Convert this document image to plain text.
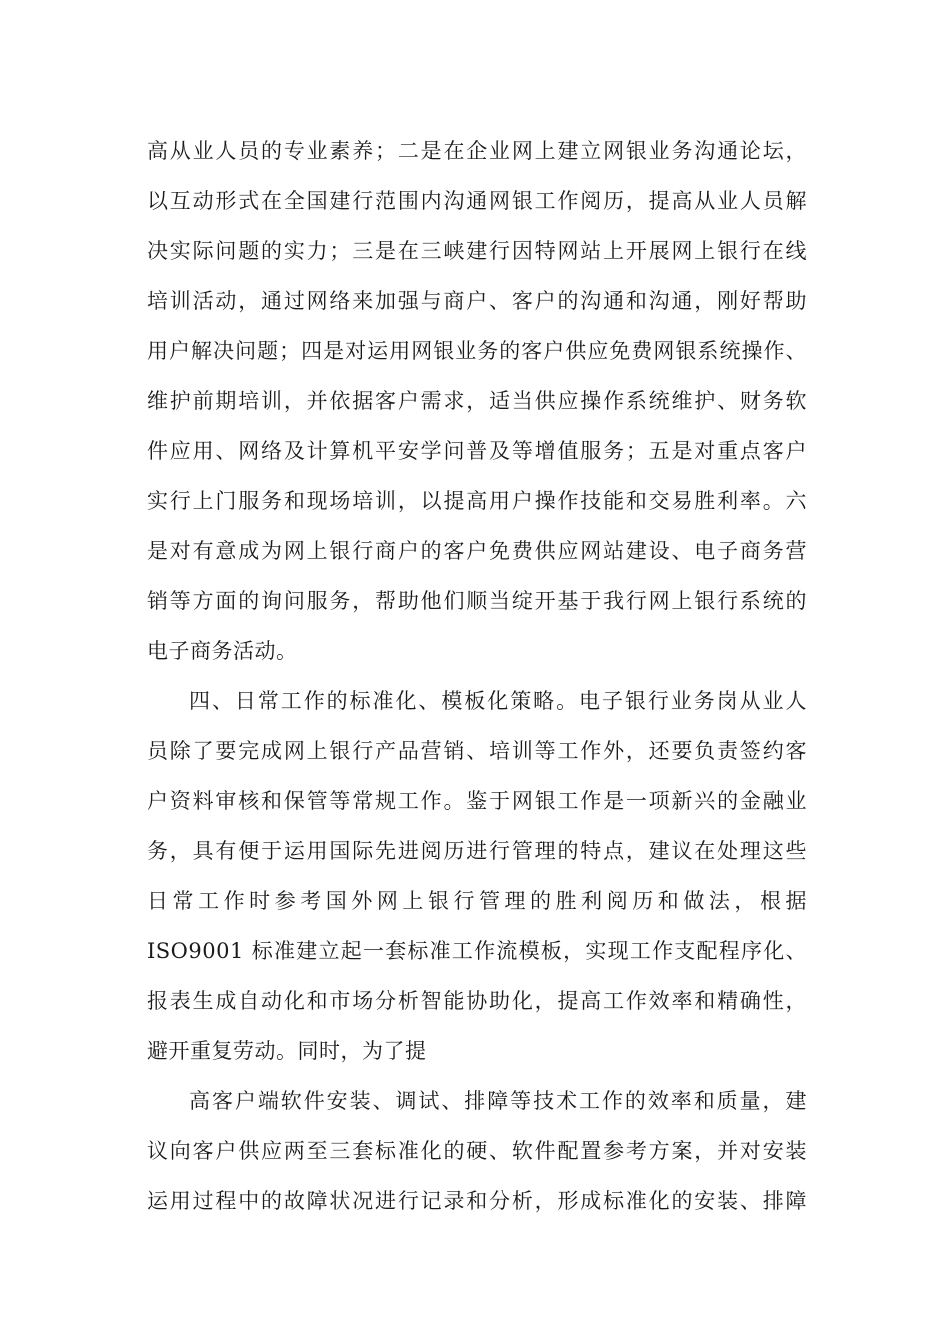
高从业人员的专业素养；二是在企业网上建立网银业务沟通论坛，
以互动形式在全国建行范围内沟通网银工作阅历，提高从业人员解
决实际问题的实力；三是在三峡建行因特网站上开展网上银行在线
培训活动，通过网络来加强与商户、客户的沟通和沟通，刚好帮助
用户解决问题；四是对运用网银业务的客户供应免费网银系统操作、
维护前期培训，并依据客户需求，适当供应操作系统维护、财务软
件应用、网络及计算机平安学问普及等增值服务；五是对重点客户
实行上门服务和现场培训，以提高用户操作技能和交易胜利率。六
是对有意成为网上银行商户的客户免费供应网站建设、电子商务营
销等方面的询问服务，帮助他们顺当绽开基于我行网上银行系统的
电子商务活动。
四、日常工作的标准化、模板化策略。电子银行业务岗从业人
员除了要完成网上银行产品营销、培训等工作外，还要负责签约客
户资料审核和保管等常规工作。鉴于网银工作是一项新兴的金融业
务，具有便于运用国际先进阅历进行管理的特点，建议在处理这些
日常工作时参考国外网上银行管理的胜利阅历和做法，根据
ISO9001 标准建立起一套标准工作流模板，实现工作支配程序化、
报表生成自动化和市场分析智能协助化，提高工作效率和精确性，
避开重复劳动。同时，为了提
高客户端软件安装、调试、排障等技术工作的效率和质量，建
议向客户供应两至三套标准化的硬、软件配置参考方案，并对安装
运用过程中的故障状况进行记录和分析，形成标准化的安装、排障
